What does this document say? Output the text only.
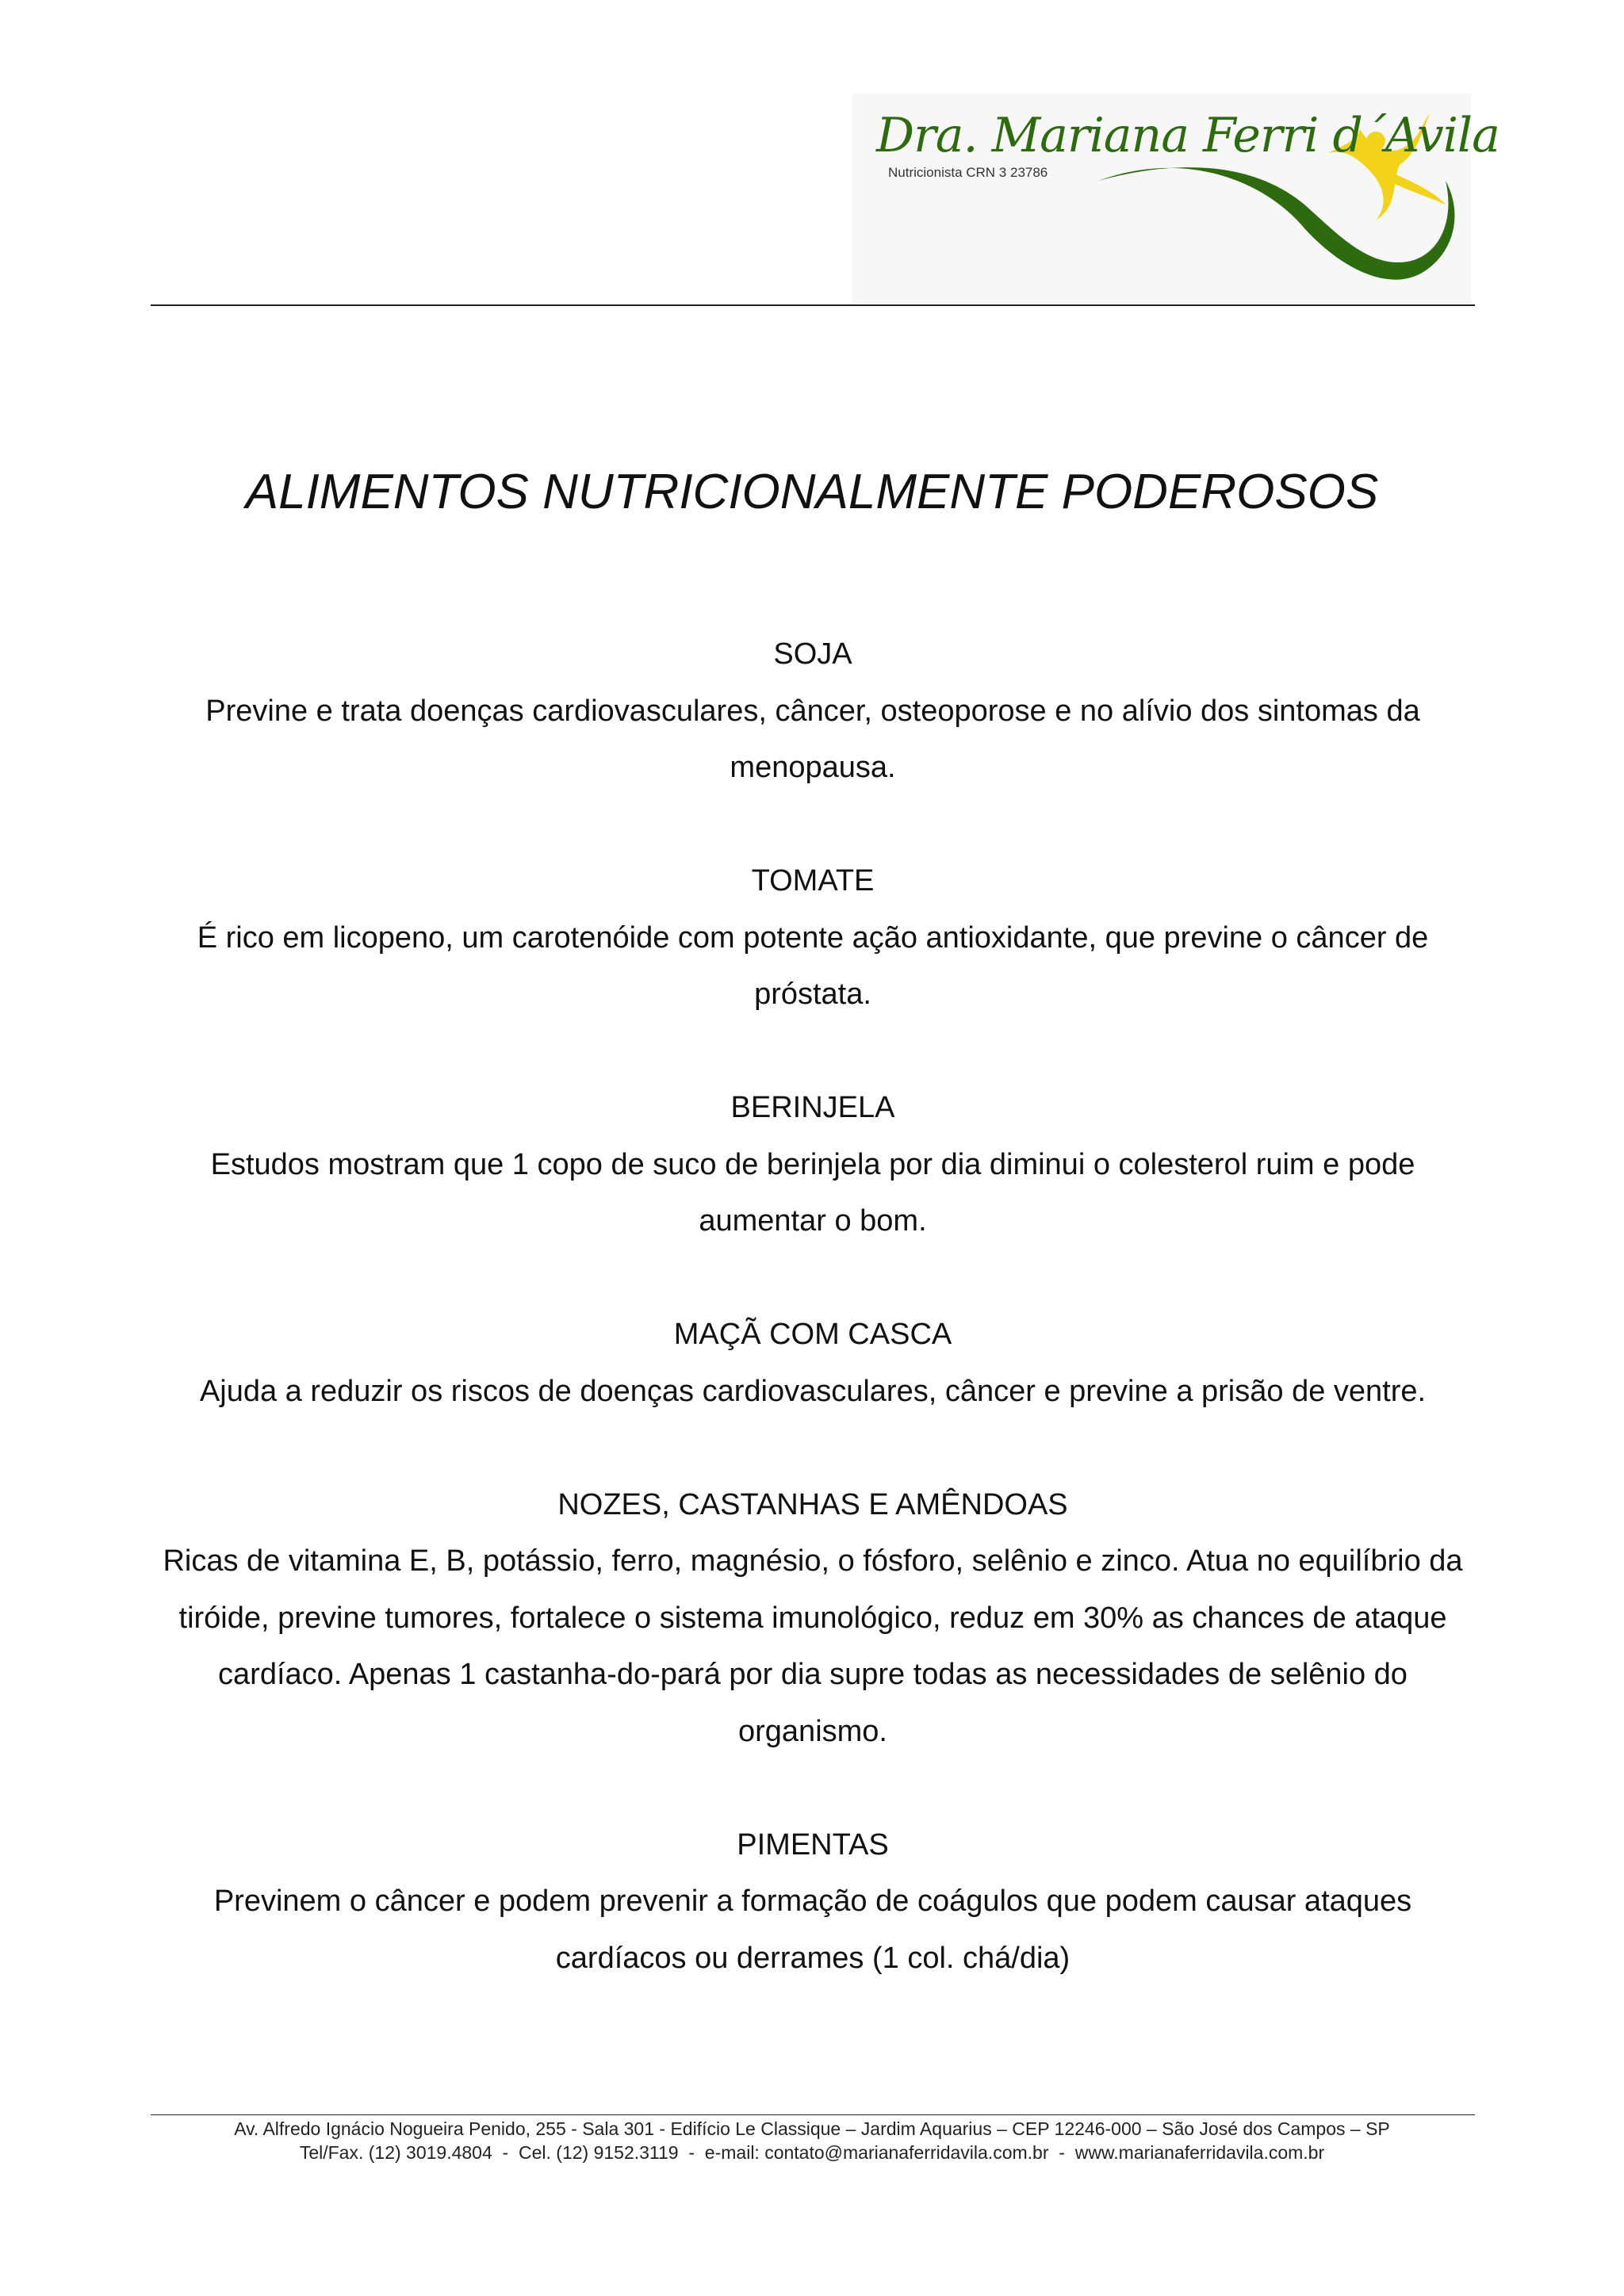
Dra. Mariana Ferri d´Avila
Nutricionista CRN 3 23786
ALIMENTOS NUTRICIONALMENTE PODEROSOS

SOJA

Previne e trata doenças cardiovasculares, câncer, osteoporose e no alívio dos sintomas da menopausa.

TOMATE

É rico em licopeno, um carotenóide com potente ação antioxidante, que previne o câncer de próstata.

BERINJELA

Estudos mostram que 1 copo de suco de berinjela por dia diminui o colesterol ruim e pode aumentar o bom.

MAÇÃ COM CASCA

Ajuda a reduzir os riscos de doenças cardiovasculares, câncer e previne a prisão de ventre.

NOZES, CASTANHAS E AMÊNDOAS

Ricas de vitamina E, B, potássio, ferro, magnésio, o fósforo, selênio e zinco. Atua no equilíbrio da tiróide, previne tumores, fortalece o sistema imunológico, reduz em 30% as chances de ataque cardíaco. Apenas 1 castanha-do-pará por dia supre todas as necessidades de selênio do organismo.

PIMENTAS

Previnem o câncer e podem prevenir a formação de coágulos que podem causar ataques cardíacos ou derrames (1 col. chá/dia)

Av. Alfredo Ignácio Nogueira Penido, 255 - Sala 301 - Edifício Le Classique – Jardim Aquarius – CEP 12246-000 – São José dos Campos – SP

Tel/Fax. (12) 3019.4804  -  Cel. (12) 9152.3119  -  e-mail: contato@marianaferridavila.com.br  -  www.marianaferridavila.com.br
